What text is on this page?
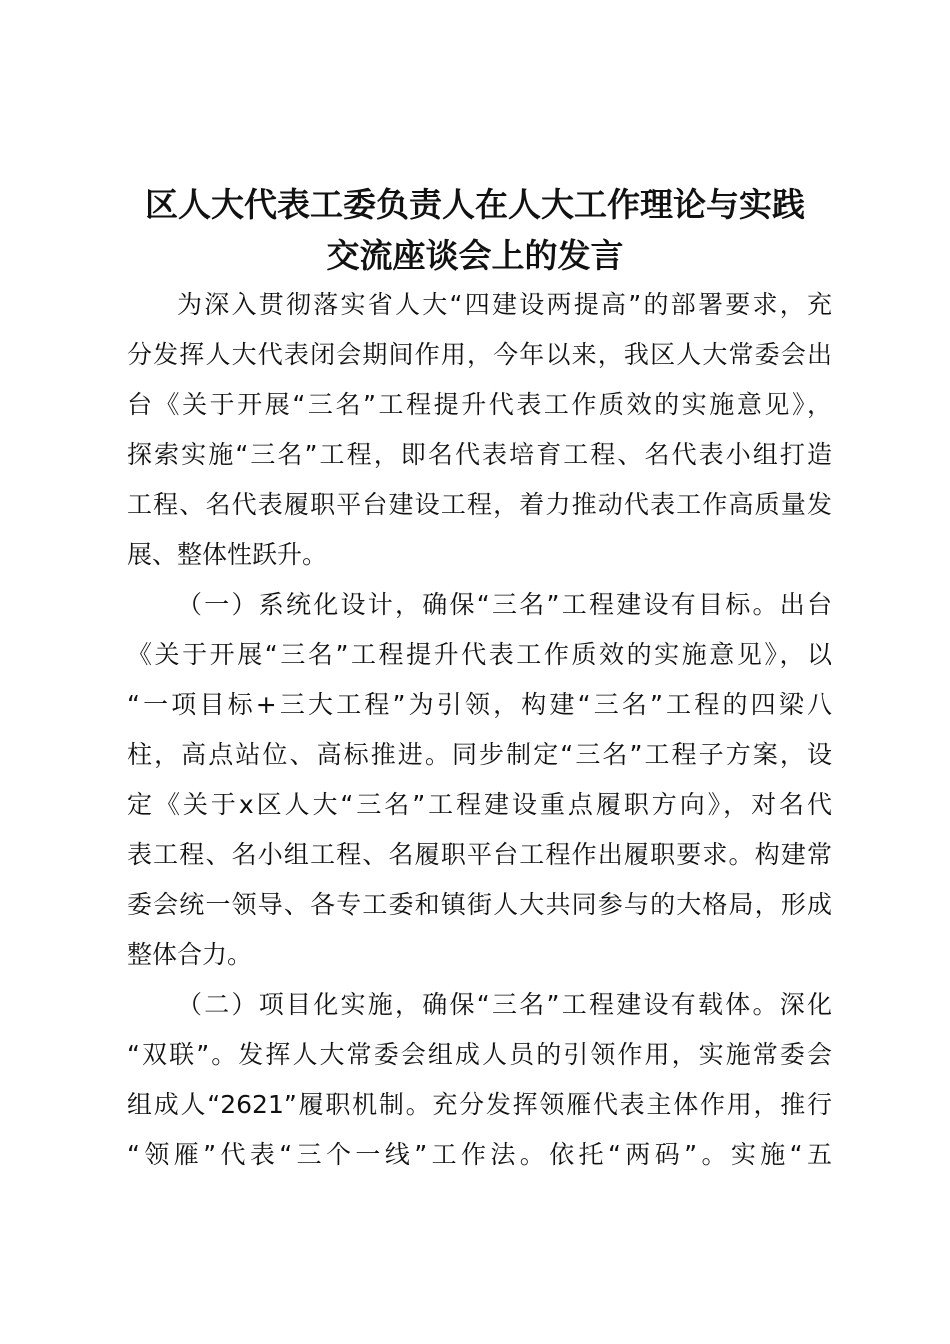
区人大代表工委负责人在人大工作理论与实践
交流座谈会上的发言

为深入贯彻落实省人大“四建设两提高”的部署要求，充

分发挥人大代表闭会期间作用，今年以来，我区人大常委会出

台《关于开展“三名”工程提升代表工作质效的实施意见》，

探索实施“三名”工程，即名代表培育工程、名代表小组打造

工程、名代表履职平台建设工程，着力推动代表工作高质量发

展、整体性跃升。

（一）系统化设计，确保“三名”工程建设有目标。出台

《关于开展“三名”工程提升代表工作质效的实施意见》，以

“一项目标+三大工程”为引领，构建“三名”工程的四梁八

柱，高点站位、高标推进。同步制定“三名”工程子方案，设

定《关于x区人大“三名”工程建设重点履职方向》，对名代

表工程、名小组工程、名履职平台工程作出履职要求。构建常

委会统一领导、各专工委和镇街人大共同参与的大格局，形成

整体合力。

（二）项目化实施，确保“三名”工程建设有载体。深化

“双联”。发挥人大常委会组成人员的引领作用，实施常委会

组成人“2621”履职机制。充分发挥领雁代表主体作用，推行

“领雁”代表“三个一线”工作法。依托“两码”。实施“五
